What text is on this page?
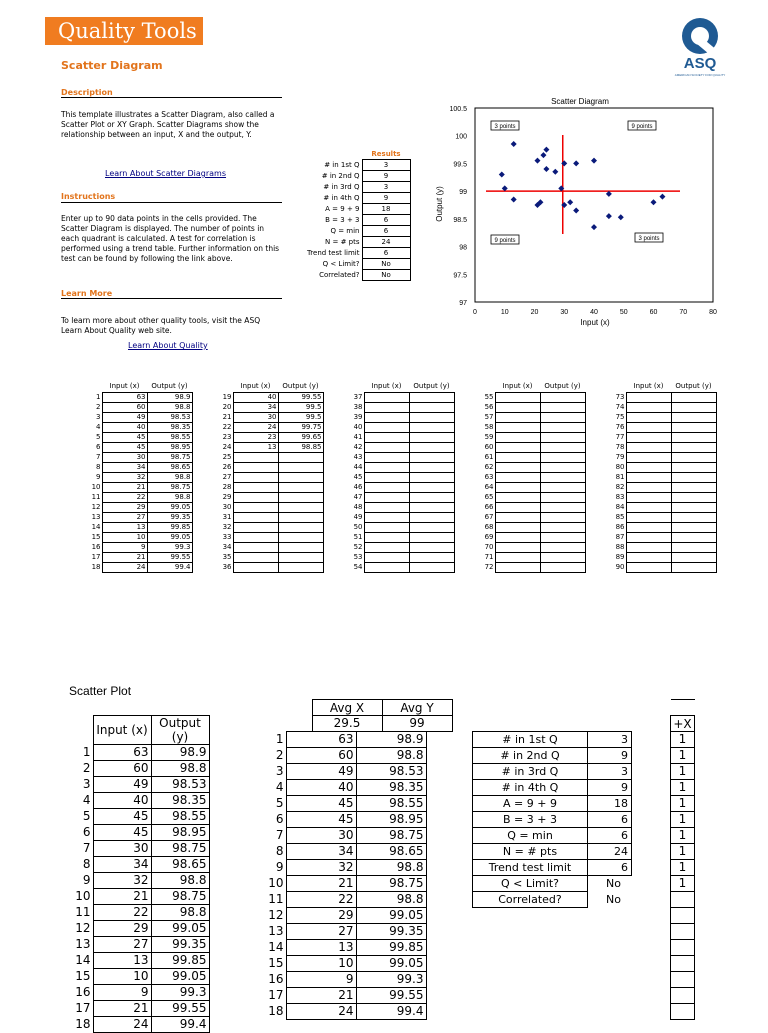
Quality Tools
ASQ
AMERICAN SOCIETY FOR QUALITY
Scatter Diagram
Description
This template illustrates a Scatter Diagram, also called a Scatter Plot or XY Graph. Scatter Diagrams show the relationship between an input, X and the output, Y.
Learn About Scatter Diagrams
Instructions
Enter up to 90 data points in the cells provided. The Scatter Diagram is displayed. The number of points in each quadrant is calculated. A test for correlation is performed using a trend table. Further information on this test can be found by following the link above.
Learn More
To learn more about other quality tools, visit the ASQ Learn About Quality web site.
Learn About Quality
	Results
# in 1st Q	3
# in 2nd Q	9
# in 3rd Q	3
# in 4th Q	9
A = 9 + 9	18
B = 3 + 3	6
Q = min	6
N = # pts	24
Trend test limit	6
Q < Limit?	No
Correlated?	No
Scatter Diagram
Input (x)
Output (y)
0	10	20	30	40	50	60	70	80
97
97.5
98
98.5
99
99.5
100
100.5
3 points	9 points
9 points	3 points
	Input (x)	Output (y)
1	63	98.9
2	60	98.8
3	49	98.53
4	40	98.35
5	45	98.55
6	45	98.95
7	30	98.75
8	34	98.65
9	32	98.8
10	21	98.75
11	22	98.8
12	29	99.05
13	27	99.35
14	13	99.85
15	10	99.05
16	9	99.3
17	21	99.55
18	24	99.4
	Input (x)	Output (y)
19	40	99.55
20	34	99.5
21	30	99.5
22	24	99.75
23	23	99.65
24	13	98.85
25		
26		
27		
28		
29		
30		
31		
32		
33		
34		
35		
36		
	Input (x)	Output (y)
37		
38		
39		
40		
41		
42		
43		
44		
45		
46		
47		
48		
49		
50		
51		
52		
53		
54		
	Input (x)	Output (y)
55		
56		
57		
58		
59		
60		
61		
62		
63		
64		
65		
66		
67		
68		
69		
70		
71		
72		
	Input (x)	Output (y)
73		
74		
75		
76		
77		
78		
79		
80		
81		
82		
83		
84		
85		
86		
87		
88		
89		
90		
Scatter Plot
	Input (x)	Output (y)
1	63	98.9
2	60	98.8
3	49	98.53
4	40	98.35
5	45	98.55
6	45	98.95
7	30	98.75
8	34	98.65
9	32	98.8
10	21	98.75
11	22	98.8
12	29	99.05
13	27	99.35
14	13	99.85
15	10	99.05
16	9	99.3
17	21	99.55
18	24	99.4
	Avg X	Avg Y
	29.5	99
1	63	98.9
2	60	98.8
3	49	98.53
4	40	98.35
5	45	98.55
6	45	98.95
7	30	98.75
8	34	98.65
9	32	98.8
10	21	98.75
11	22	98.8
12	29	99.05
13	27	99.35
14	13	99.85
15	10	99.05
16	9	99.3
17	21	99.55
18	24	99.4
# in 1st Q	3
# in 2nd Q	9
# in 3rd Q	3
# in 4th Q	9
A = 9 + 9	18
B = 3 + 3	6
Q = min	6
N = # pts	24
Trend test limit	6
Q < Limit?	No
Correlated?	No

+X
1
1
1
1
1
1
1
1
1
1
